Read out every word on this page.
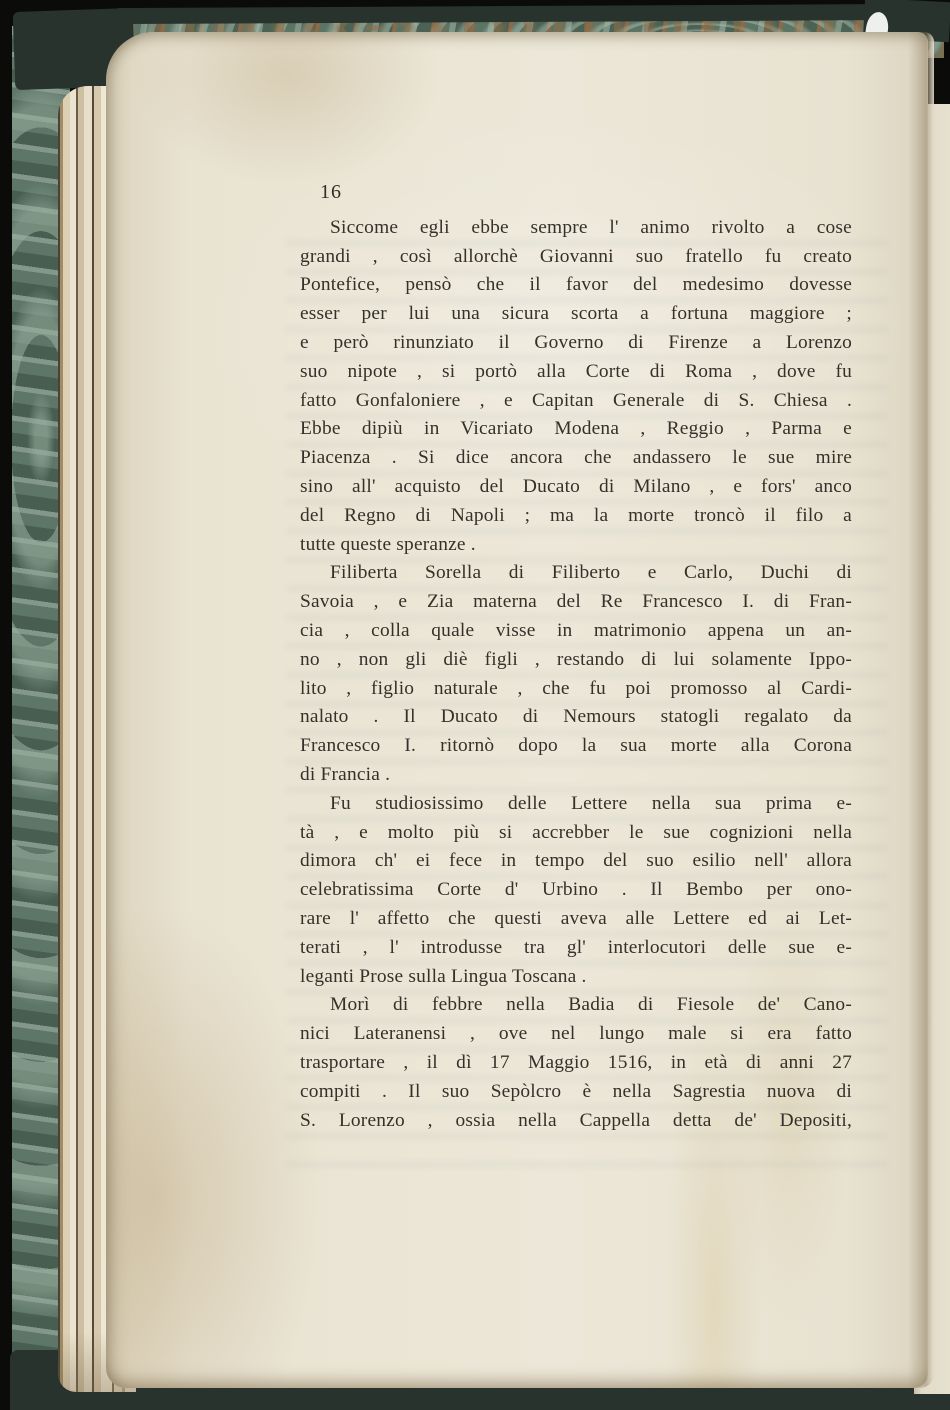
16
Siccome egli ebbe sempre l' animo rivolto a cose
grandi , così allorchè Giovanni suo fratello fu creato
Pontefice, pensò che il favor del medesimo dovesse
esser per lui una sicura scorta a fortuna maggiore ;
e però rinunziato il Governo di Firenze a Lorenzo
suo nipote , si portò alla Corte di Roma , dove fu
fatto Gonfaloniere , e Capitan Generale di S. Chiesa .
Ebbe dipiù in Vicariato Modena , Reggio , Parma e
Piacenza . Si dice ancora che andassero le sue mire
sino all' acquisto del Ducato di Milano , e fors' anco
del Regno di Napoli ; ma la morte troncò il filo a
tutte queste speranze .
Filiberta Sorella di Filiberto e Carlo, Duchi di
Savoia , e Zia materna del Re Francesco I. di Fran-
cia , colla quale visse in matrimonio appena un an-
no , non gli diè figli , restando di lui solamente Ippo-
lito , figlio naturale , che fu poi promosso al Cardi-
nalato . Il Ducato di Nemours statogli regalato da
Francesco I. ritornò dopo la sua morte alla Corona
di Francia .
Fu studiosissimo delle Lettere nella sua prima e-
tà , e molto più si accrebber le sue cognizioni nella
dimora ch' ei fece in tempo del suo esilio nell' allora
celebratissima Corte d' Urbino . Il Bembo per ono-
rare l' affetto che questi aveva alle Lettere ed ai Let-
terati , l' introdusse tra gl' interlocutori delle sue e-
leganti Prose sulla Lingua Toscana .
Morì di febbre nella Badia di Fiesole de' Cano-
nici Lateranensi , ove nel lungo male si era fatto
trasportare , il dì 17 Maggio 1516, in età di anni 27
compiti . Il suo Sepòlcro è nella Sagrestia nuova di
S. Lorenzo , ossia nella Cappella detta de' Depositi,
